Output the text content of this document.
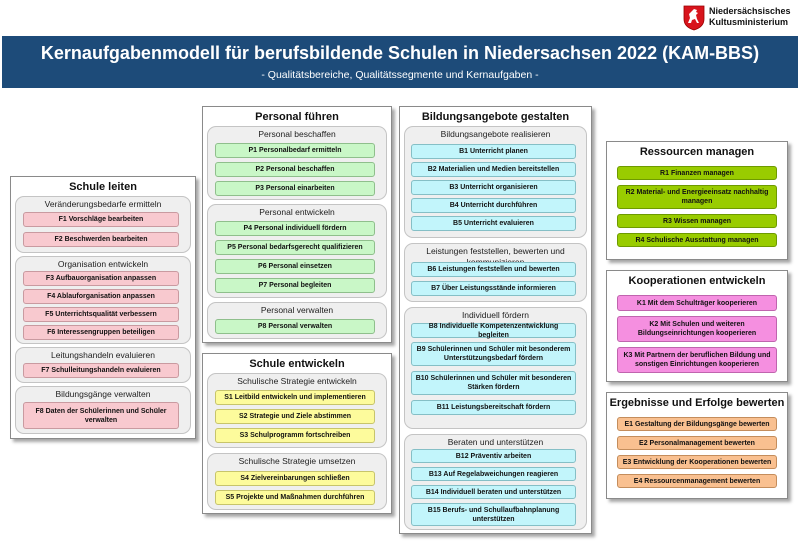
Niedersächsisches
Kultusministerium
Kernaufgabenmodell für berufsbildende Schulen in Niedersachsen 2022 (KAM-BBS)
- Qualitätsbereiche, Qualitätssegmente und Kernaufgaben -
Schule leiten
Veränderungsbedarfe ermitteln
F1 Vorschläge bearbeiten
F2 Beschwerden bearbeiten
Organisation entwickeln
F3 Aufbauorganisation anpassen
F4 Ablauforganisation anpassen
F5 Unterrichtsqualität verbessern
F6 Interessengruppen beteiligen
Leitungshandeln evaluieren
F7 Schulleitungshandeln evaluieren
Bildungsgänge verwalten
F8 Daten der Schülerinnen und Schüler verwalten
Personal führen
Personal beschaffen
P1 Personalbedarf ermitteln
P2 Personal beschaffen
P3 Personal einarbeiten
Personal entwickeln
P4 Personal individuell fördern
P5 Personal bedarfsgerecht qualifizieren
P6 Personal einsetzen
P7 Personal begleiten
Personal verwalten
P8 Personal verwalten
Schule entwickeln
Schulische Strategie entwickeln
S1 Leitbild entwickeln und implementieren
S2 Strategie und Ziele abstimmen
S3 Schulprogramm fortschreiben
Schulische Strategie umsetzen
S4 Zielvereinbarungen schließen
S5 Projekte und Maßnahmen durchführen
Bildungsangebote gestalten
Bildungsangebote realisieren
B1 Unterricht planen
B2 Materialien und Medien bereitstellen
B3 Unterricht organisieren
B4 Unterricht durchführen
B5 Unterricht evaluieren
Leistungen feststellen, bewerten und
B6 Leistungen feststellen und bewerten
B7 Über Leistungsstände informieren
Individuell fördern
B8 Individuelle Kompetenzentwicklung begleiten
B9 Schülerinnen und Schüler mit besonderem Unterstützungsbedarf fördern
B10 Schülerinnen und Schüler mit besonderen Stärken fördern
B11 Leistungsbereitschaft fördern
Beraten und unterstützen
B12 Präventiv arbeiten
B13 Auf Regelabweichungen reagieren
B14 Individuell beraten und unterstützen
B15 Berufs- und Schullaufbahnplanung unterstützen
Ressourcen managen
R1 Finanzen managen
R2 Material- und Energieeinsatz nachhaltig managen
R3 Wissen managen
R4 Schulische Ausstattung managen
Kooperationen entwickeln
K1 Mit dem Schulträger kooperieren
K2 Mit Schulen und weiteren Bildungseinrichtungen kooperieren
K3 Mit Partnern der beruflichen Bildung und sonstigen Einrichtungen kooperieren
Ergebnisse und Erfolge bewerten
E1 Gestaltung der Bildungsgänge bewerten
E2 Personalmanagement bewerten
E3 Entwicklung der Kooperationen bewerten
E4 Ressourcenmanagement bewerten
